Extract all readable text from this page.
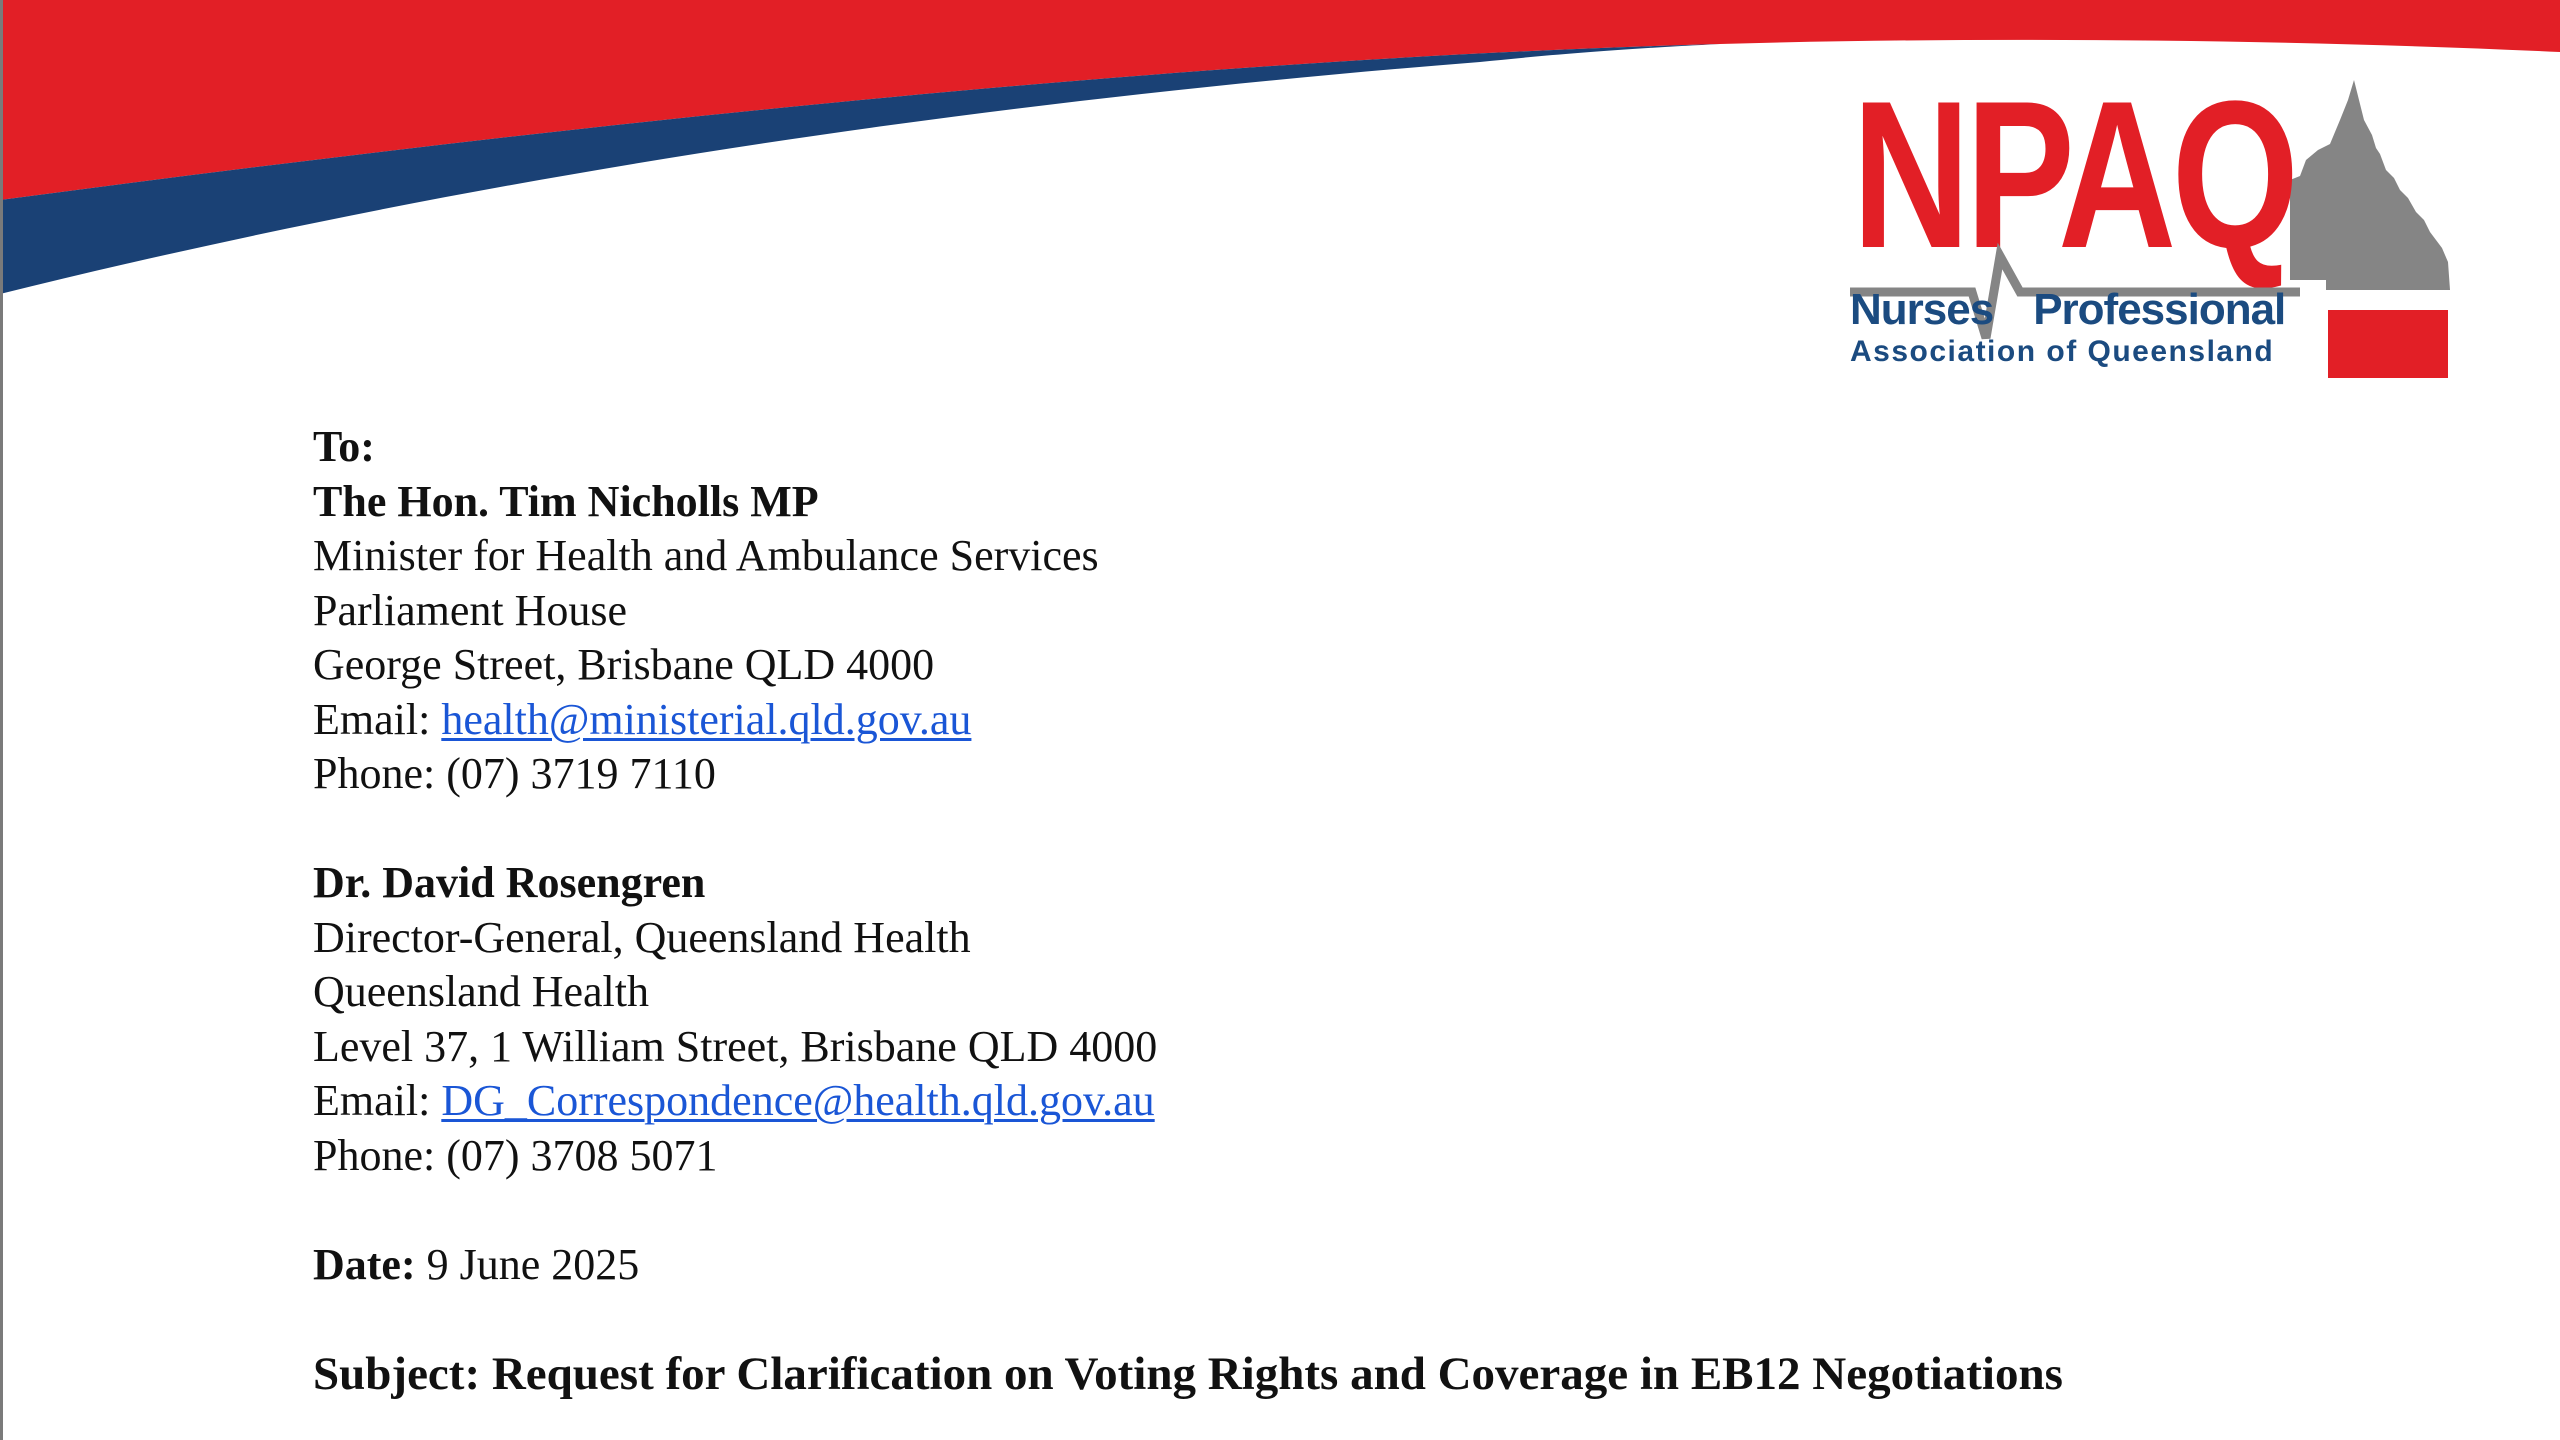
NPAQ
Nurses Professional
Association of Queensland
To:
The Hon. Tim Nicholls MP
Minister for Health and Ambulance Services
Parliament House
George Street, Brisbane QLD 4000
Email: health@ministerial.qld.gov.au
Phone: (07) 3719 7110
Dr. David Rosengren
Director-General, Queensland Health
Queensland Health
Level 37, 1 William Street, Brisbane QLD 4000
Email: DG_Correspondence@health.qld.gov.au
Phone: (07) 3708 5071
Date: 9 June 2025
Subject: Request for Clarification on Voting Rights and Coverage in EB12 Negotiations
